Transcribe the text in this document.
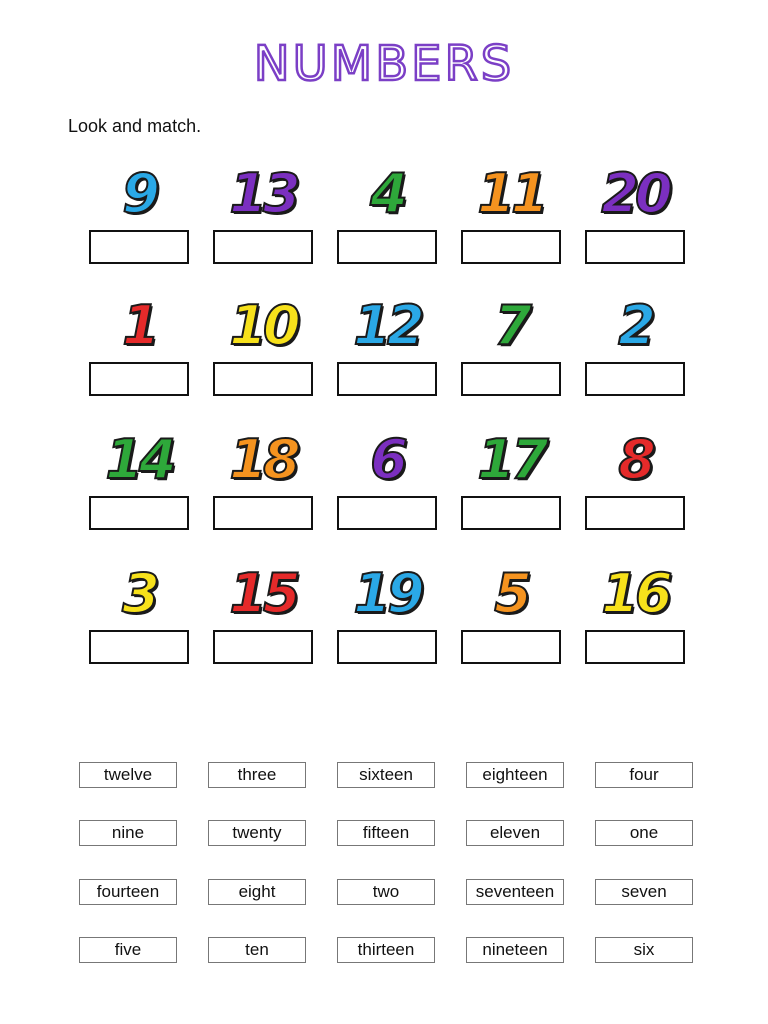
NUMBERS
Look and match.
9	13	4	11	20
1	10	12	7	2
14	18	6	17	8
3	15	19	5	16
twelve	three	sixteen	eighteen	four
nine	twenty	fifteen	eleven	one
fourteen	eight	two	seventeen	seven
five	ten	thirteen	nineteen	six
